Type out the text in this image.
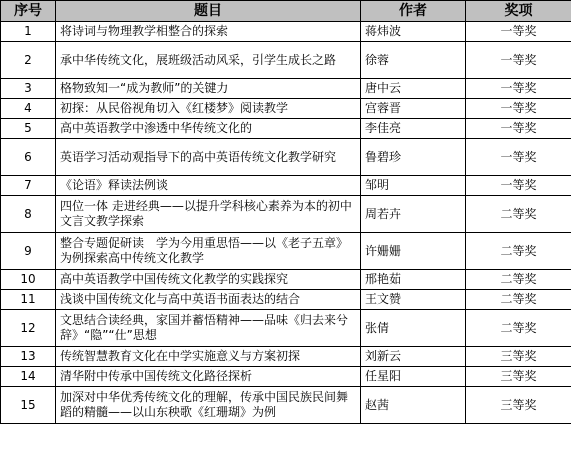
序号	题目	作者	奖项
1	将诗词与物理教学相整合的探索	蒋炜波	一等奖
2	承中华传统文化，展班级活动风采，引学生成长之路	徐蓉	一等奖
3	格物致知一“成为教师”的关键力	唐中云	一等奖
4	初探：从民俗视角切入《红楼梦》阅读教学	宫蓉晋	一等奖
5	高中英语教学中渗透中华传统文化的	李佳亮	一等奖
6	英语学习活动观指导下的高中英语传统文化教学研究	鲁碧珍	一等奖
7	《论语》释读法例谈	邹明	一等奖
8	四位一体 走进经典——以提升学科核心素养为本的初中文言文教学探索	周若卉	二等奖
9	整合专题促研读　学为今用重思悟——以《老子五章》为例探索高中传统文化教学	许姗姗	二等奖
10	高中英语教学中国传统文化教学的实践探究	邢艳茹	二等奖
11	浅谈中国传统文化与高中英语书面表达的结合	王文赞	二等奖
12	文思结合读经典，家国并蓄悟精神——品味《归去来兮辞》“隐”“仕”思想	张倩	二等奖
13	传统智慧教育文化在中学实施意义与方案初探	刘新云	三等奖
14	清华附中传承中国传统文化路径探析	任星阳	三等奖
15	加深对中华优秀传统文化的理解，传承中国民族民间舞蹈的精髓——以山东秧歌《红珊瑚》为例	赵茜	三等奖
